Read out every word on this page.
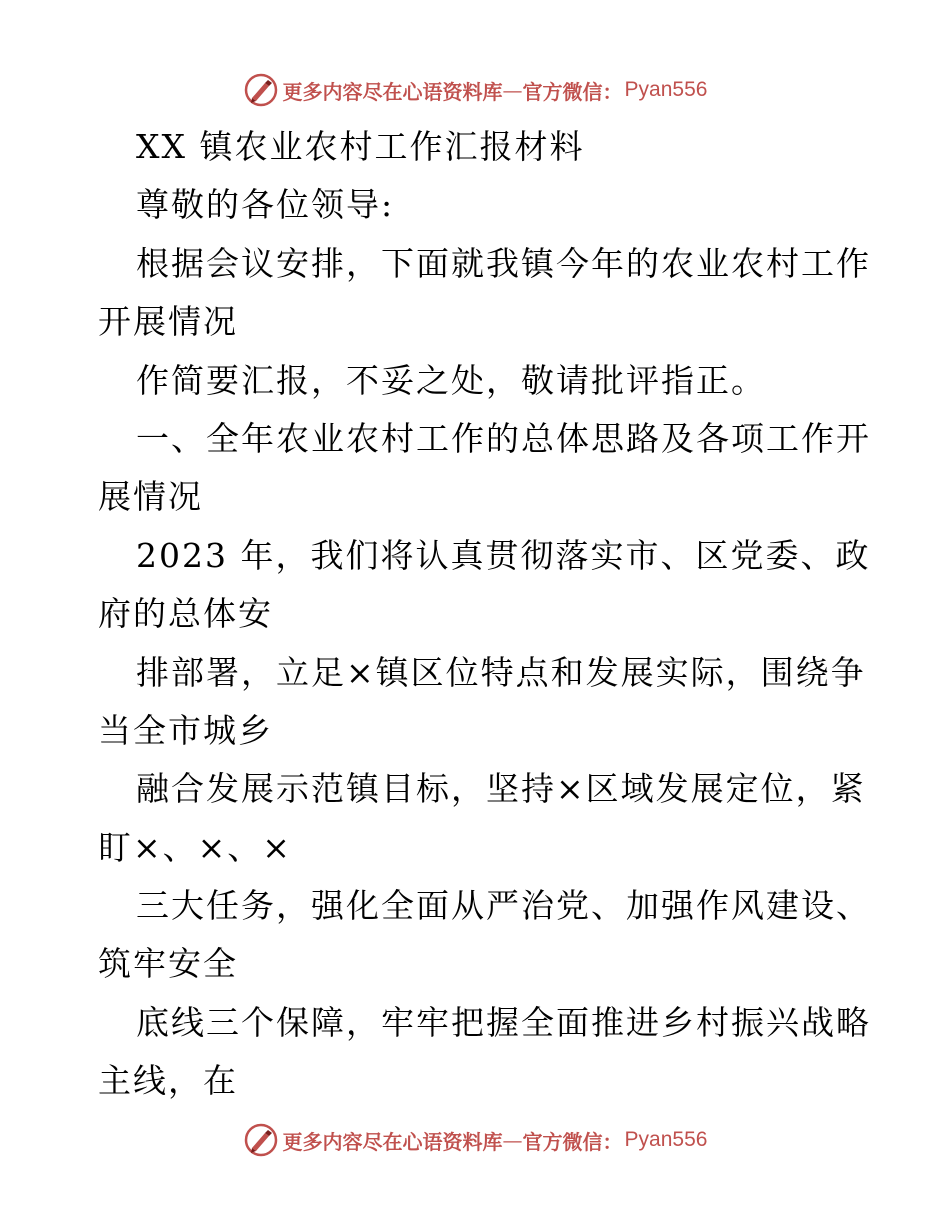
更多内容尽在心语资料库 — 官方微信： Pyan556
XX 镇农业农村工作汇报材料
尊敬的各位领导:
根据会议安排，下面就我镇今年的农业农村工作
开展情况
作简要汇报，不妥之处，敬请批评指正。
一、全年农业农村工作的总体思路及各项工作开
展情况
2023 年，我们将认真贯彻落实市、区党委、政
府的总体安
排部署，立足×镇区位特点和发展实际，围绕争
当全市城乡
融合发展示范镇目标，坚持×区域发展定位，紧
盯×、×、×
三大任务，强化全面从严治党、加强作风建设、
筑牢安全
底线三个保障，牢牢把握全面推进乡村振兴战略
主线，在
更多内容尽在心语资料库 — 官方微信： Pyan556
